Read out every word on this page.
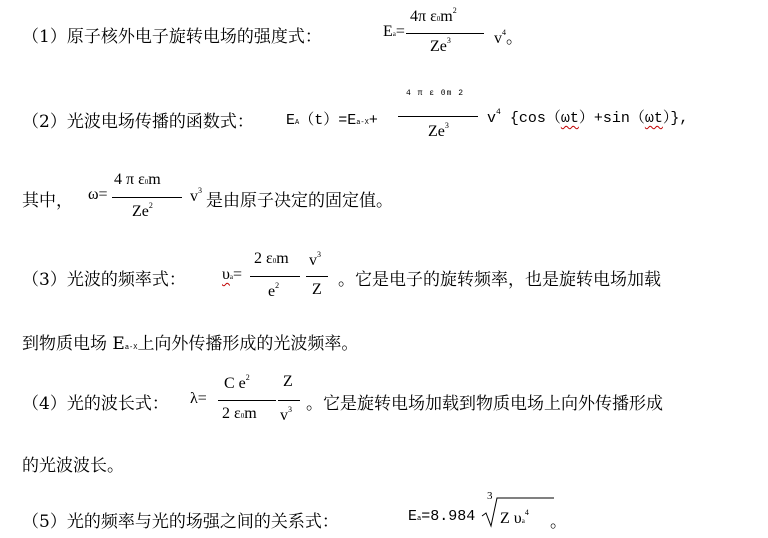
（1）原子核外电子旋转电场的强度式：	Ea=
4π $\varepsilon 0m^2$
Ze$^3$	$v^4$。
（2）光波电场传播的函数式： EA（t）=Ea-X+
4 π ε 0m 2
Ze$^3$	$v^4$ {cos（ωt）+sin（ωt）},
其中， ω=
4 π ε0m
Ze$^2$
$v^3$
是由原子决定的固定值。
（3）光波的频率式： υa=
2 ε0m
$e^2$
$v^3$
Z 。它是电子的旋转频率，也是旋转电场加载
到物质电场 Ea-X上向外传播形成的光波频率。
（4）光的波长式： λ=
C $e^2$
2 ε0m
Z
$v^3$ 。它是旋转电场加载到物质电场上向外传播形成
的光波波长。
（5）光的频率与光的场强之间的关系式：	Ea=8.984
3
Z $\upsilon a^4$ 。
